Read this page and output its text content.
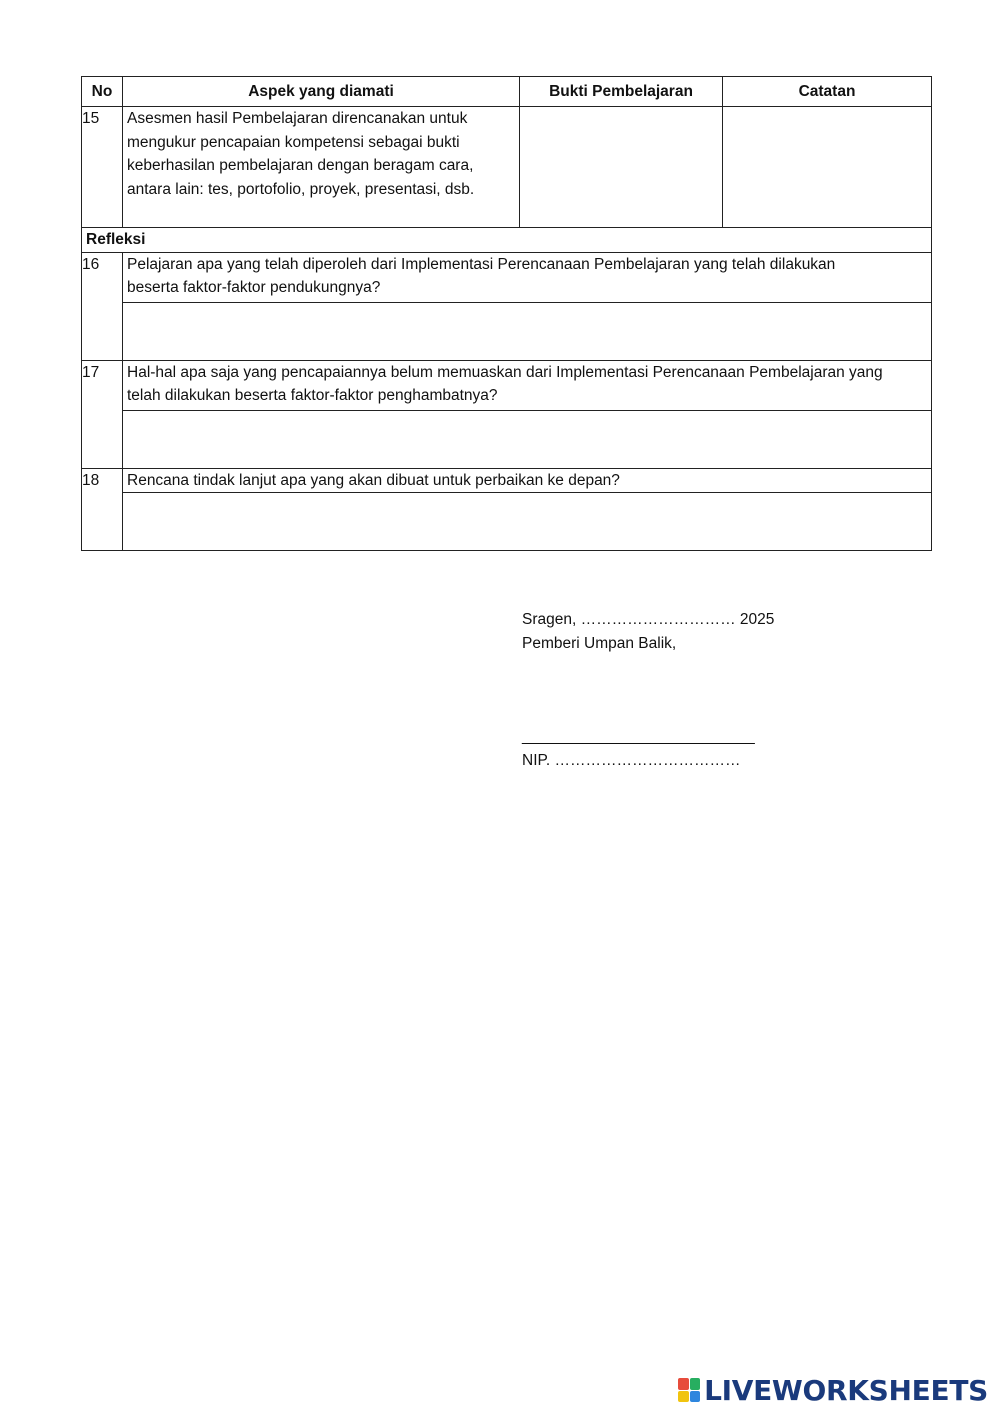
No	Aspek yang diamati	Bukti Pembelajaran	Catatan
15	Asesmen hasil Pembelajaran direncanakan untuk
mengukur pencapaian kompetensi sebagai bukti
keberhasilan pembelajaran dengan beragam cara,
antara lain: tes, portofolio, proyek, presentasi, dsb.		

Refleksi			
16	Pelajaran apa yang telah diperoleh dari Implementasi Perencanaan Pembelajaran yang telah dilakukan
beserta faktor-faktor pendukungnya?		

17	Hal-hal apa saja yang pencapaiannya belum memuaskan dari Implementasi Perencanaan Pembelajaran yang
telah dilakukan beserta faktor-faktor penghambatnya?		

18	Rencana tindak lanjut apa yang akan dibuat untuk perbaikan ke depan?		

Sragen, ………………………… 2025
Pemberi Umpan Balik,
___________________________
NIP. ………………………………
LIVEWORKSHEETS
